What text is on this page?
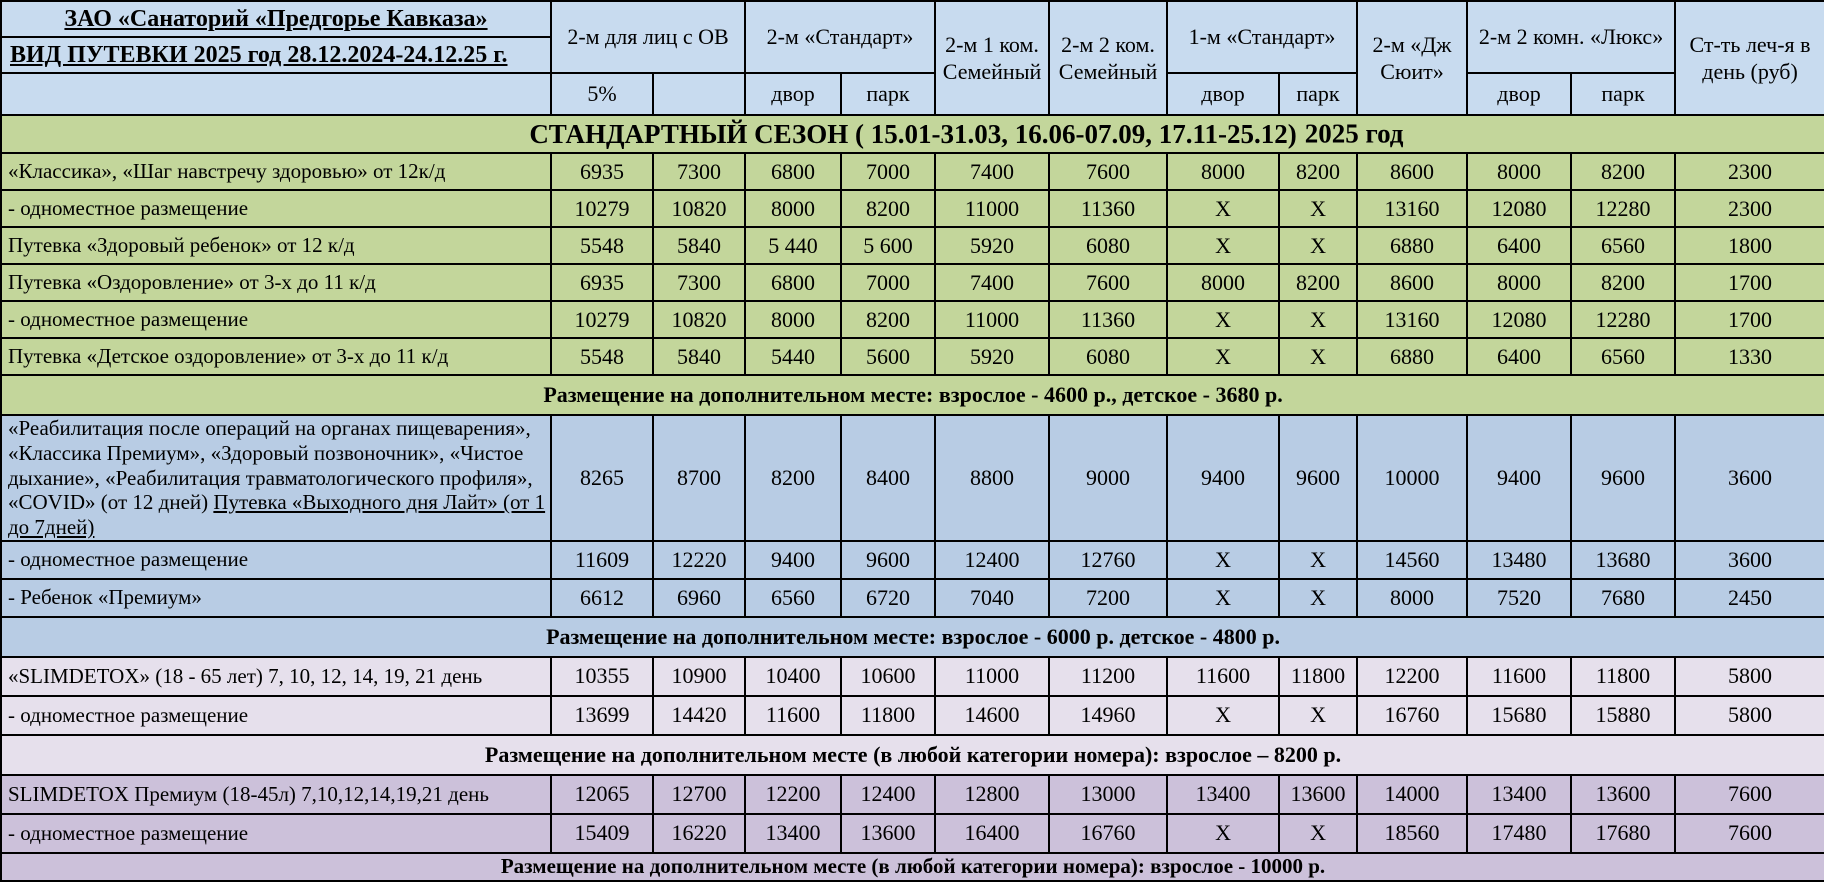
ЗАО «Санаторий «Предгорье Кавказа»	2-м для лиц с ОВ		2-м «Стандарт»		2-м 1 ком. Семейный	2-м 2 ком. Семейный	1-м «Стандарт»		2-м «Дж Сюит»	2-м 2 комн. «Люкс»		Ст-ть леч-я в день (руб)
ВИД ПУТЕВКИ 2025 год 28.12.2024-24.12.25 г.												
	5%		двор	парк			двор	парк		двор	парк	
СТАНДАРТНЫЙ СЕЗОН ( 15.01-31.03, 16.06-07.09, 17.11-25.12) 2025 год												

«Классика», «Шаг навстречу здоровью» от 12к/д	6935	7300	6800	7000	7400	7600	8000	8200	8600	8000	8200	2300
- одноместное размещение	10279	10820	8000	8200	11000	11360	Х	Х	13160	12080	12280	2300
Путевка «Здоровый ребенок» от 12 к/д	5548	5840	5 440	5 600	5920	6080	Х	Х	6880	6400	6560	1800
Путевка «Оздоровление» от 3-х до 11 к/д	6935	7300	6800	7000	7400	7600	8000	8200	8600	8000	8200	1700
- одноместное размещение	10279	10820	8000	8200	11000	11360	Х	Х	13160	12080	12280	1700
Путевка «Детское оздоровление» от 3-х до 11 к/д	5548	5840	5440	5600	5920	6080	Х	Х	6880	6400	6560	1330
Размещение на дополнительном месте: взрослое - 4600 р., детское - 3680 р.												
«Реабилитация после операций на органах пищеварения», «Классика Премиум», «Здоровый позвоночник», «Чистое дыхание», «Реабилитация травматологического профиля», «COVID» (от 12 дней) Путевка «Выходного дня Лайт» (от 1 до 7дней)	8265	8700	8200	8400	8800	9000	9400	9600	10000	9400	9600	3600
- одноместное размещение	11609	12220	9400	9600	12400	12760	Х	Х	14560	13480	13680	3600
- Ребенок «Премиум»	6612	6960	6560	6720	7040	7200	Х	Х	8000	7520	7680	2450
Размещение на дополнительном месте: взрослое - 6000 р. детское - 4800 р.												
«SLIMDETOX» (18 - 65 лет) 7, 10, 12, 14, 19, 21 день	10355	10900	10400	10600	11000	11200	11600	11800	12200	11600	11800	5800
- одноместное размещение	13699	14420	11600	11800	14600	14960	Х	Х	16760	15680	15880	5800
Размещение на дополнительном месте (в любой категории номера): взрослое – 8200 р.												
SLIMDETOX Премиум (18-45л) 7,10,12,14,19,21 день	12065	12700	12200	12400	12800	13000	13400	13600	14000	13400	13600	7600
- одноместное размещение	15409	16220	13400	13600	16400	16760	Х	Х	18560	17480	17680	7600
Размещение на дополнительном месте (в любой категории номера): взрослое - 10000 р.												
